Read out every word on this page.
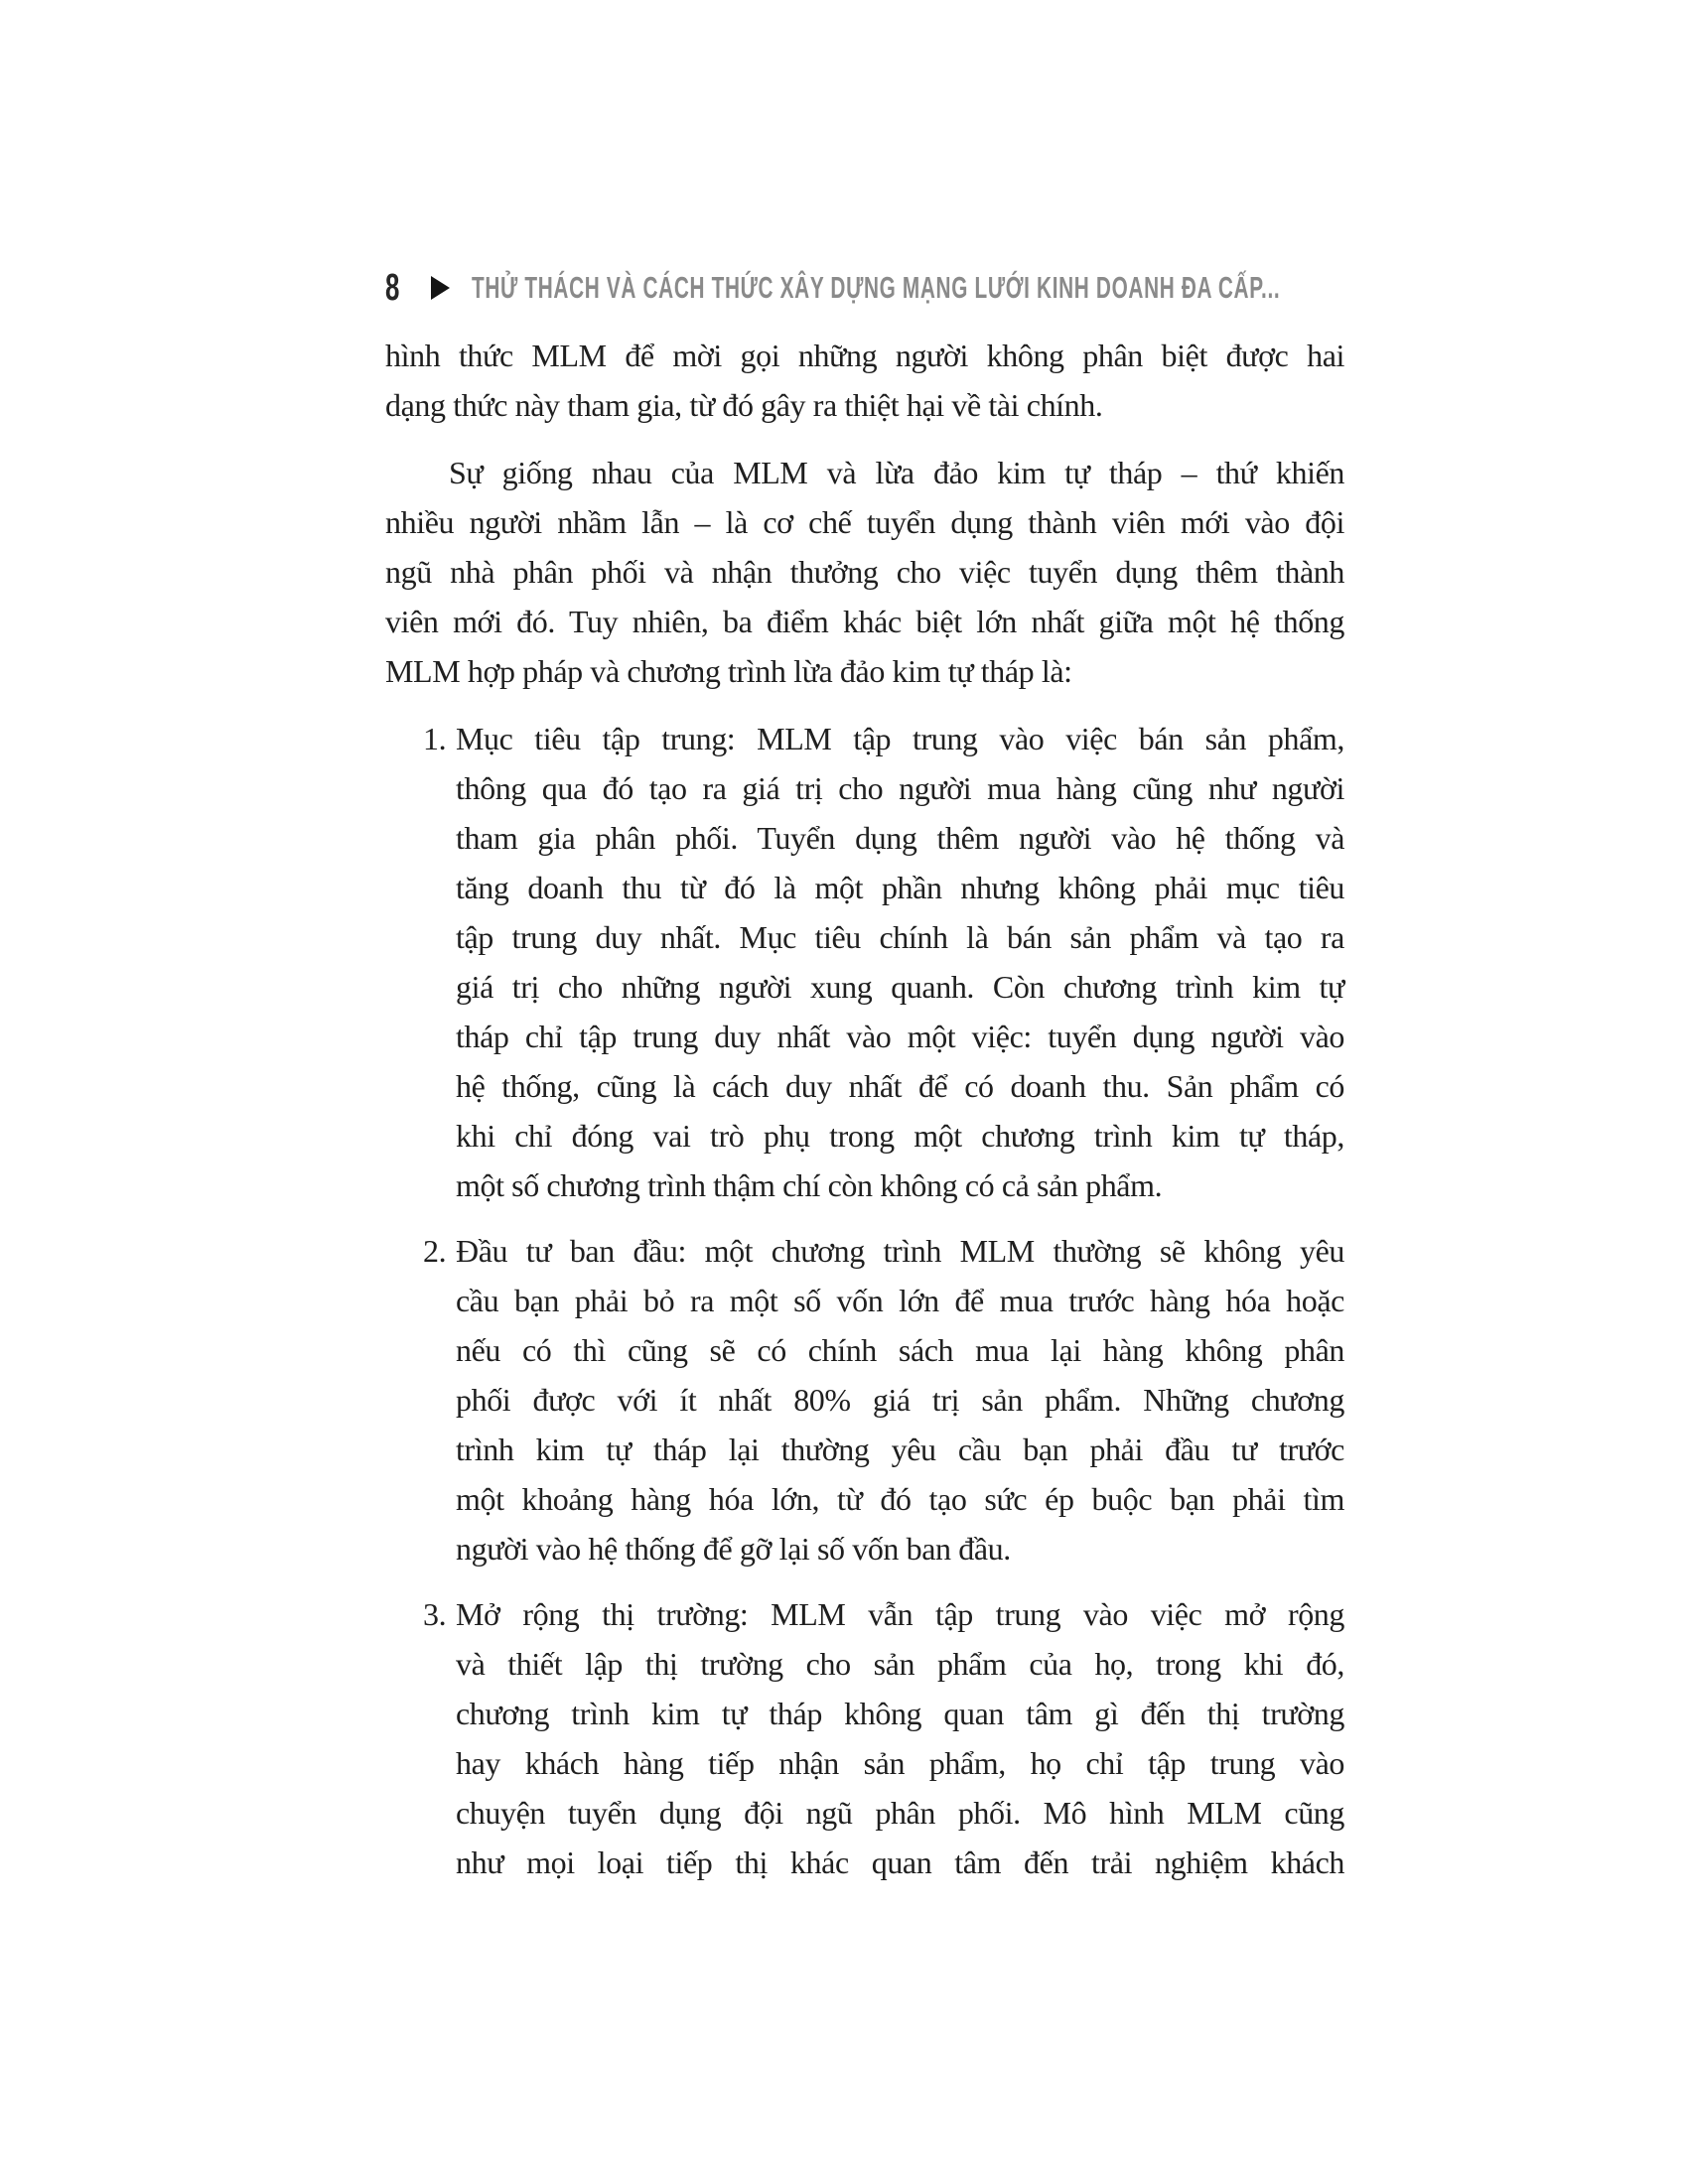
8 THỬ THÁCH VÀ CÁCH THỨC XÂY DỰNG MẠNG LƯỚI KINH DOANH ĐA CẤP...
hình thức MLM để mời gọi những người không phân biệt được hai
dạng thức này tham gia, từ đó gây ra thiệt hại về tài chính.
Sự giống nhau của MLM và lừa đảo kim tự tháp – thứ khiến
nhiều người nhầm lẫn – là cơ chế tuyển dụng thành viên mới vào đội
ngũ nhà phân phối và nhận thưởng cho việc tuyển dụng thêm thành
viên mới đó. Tuy nhiên, ba điểm khác biệt lớn nhất giữa một hệ thống
MLM hợp pháp và chương trình lừa đảo kim tự tháp là:
1. Mục tiêu tập trung: MLM tập trung vào việc bán sản phẩm,
thông qua đó tạo ra giá trị cho người mua hàng cũng như người
tham gia phân phối. Tuyển dụng thêm người vào hệ thống và
tăng doanh thu từ đó là một phần nhưng không phải mục tiêu
tập trung duy nhất. Mục tiêu chính là bán sản phẩm và tạo ra
giá trị cho những người xung quanh. Còn chương trình kim tự
tháp chỉ tập trung duy nhất vào một việc: tuyển dụng người vào
hệ thống, cũng là cách duy nhất để có doanh thu. Sản phẩm có
khi chỉ đóng vai trò phụ trong một chương trình kim tự tháp,
một số chương trình thậm chí còn không có cả sản phẩm.
2. Đầu tư ban đầu: một chương trình MLM thường sẽ không yêu
cầu bạn phải bỏ ra một số vốn lớn để mua trước hàng hóa hoặc
nếu có thì cũng sẽ có chính sách mua lại hàng không phân
phối được với ít nhất 80% giá trị sản phẩm. Những chương
trình kim tự tháp lại thường yêu cầu bạn phải đầu tư trước
một khoảng hàng hóa lớn, từ đó tạo sức ép buộc bạn phải tìm
người vào hệ thống để gỡ lại số vốn ban đầu.
3. Mở rộng thị trường: MLM vẫn tập trung vào việc mở rộng
và thiết lập thị trường cho sản phẩm của họ, trong khi đó,
chương trình kim tự tháp không quan tâm gì đến thị trường
hay khách hàng tiếp nhận sản phẩm, họ chỉ tập trung vào
chuyện tuyển dụng đội ngũ phân phối. Mô hình MLM cũng
như mọi loại tiếp thị khác quan tâm đến trải nghiệm khách
